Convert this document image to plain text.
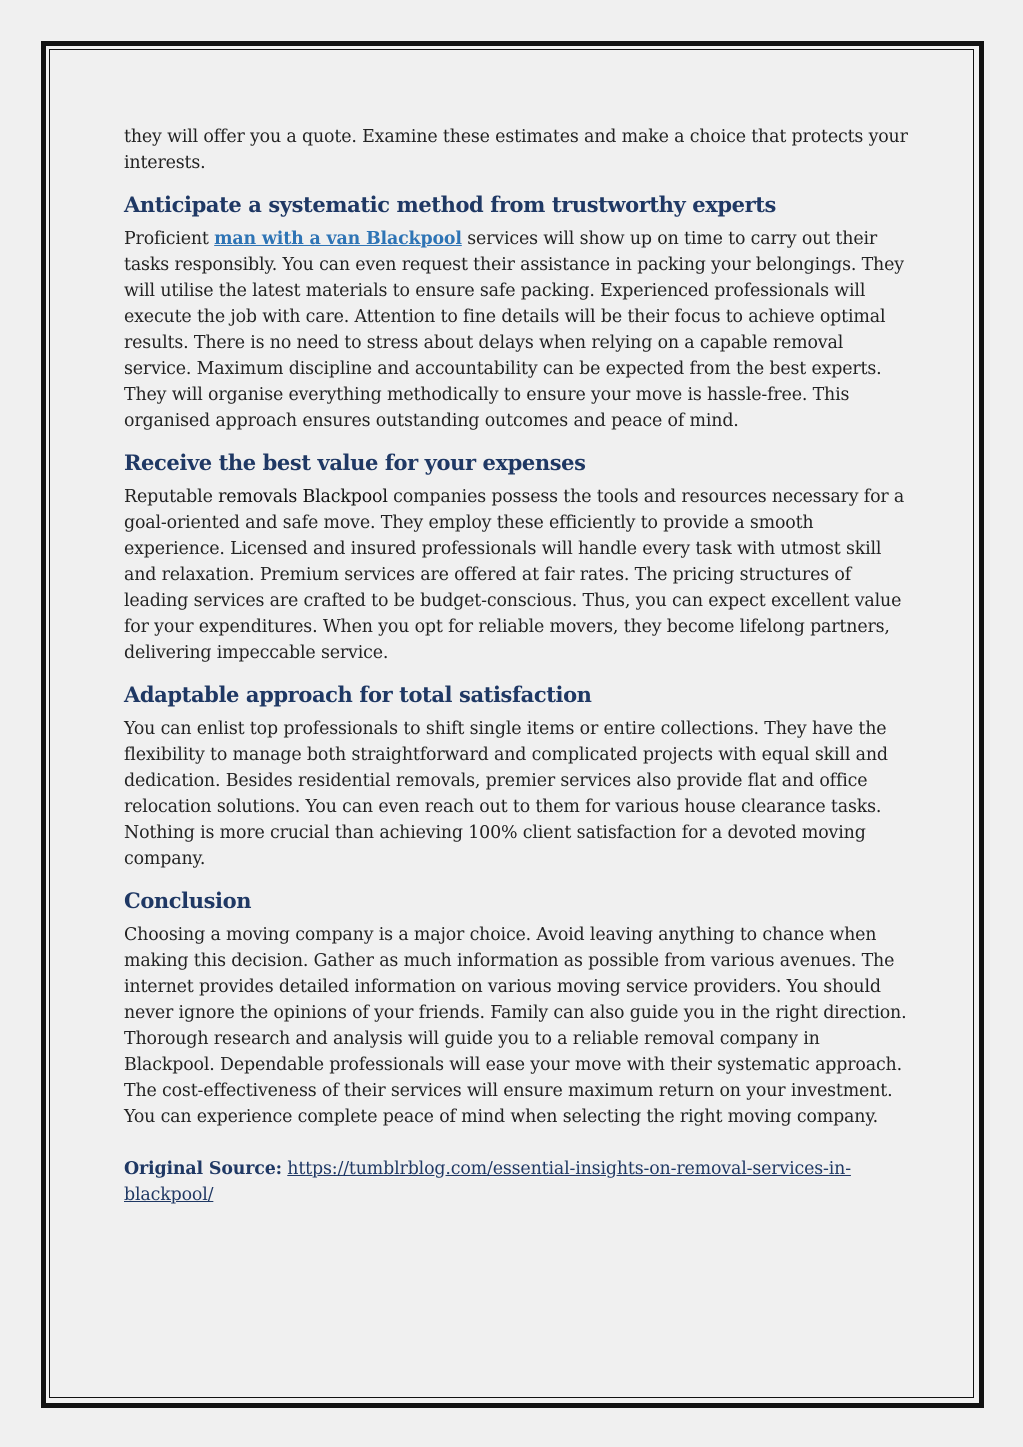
they will offer you a quote. Examine these estimates and make a choice that protects your interests.

Anticipate a systematic method from trustworthy experts

Proficient man with a van Blackpool services will show up on time to carry out their tasks responsibly. You can even request their assistance in packing your belongings. They will utilise the latest materials to ensure safe packing. Experienced professionals will execute the job with care. Attention to fine details will be their focus to achieve optimal results. There is no need to stress about delays when relying on a capable removal service. Maximum discipline and accountability can be expected from the best experts. They will organise everything methodically to ensure your move is hassle-free. This organised approach ensures outstanding outcomes and peace of mind.

Receive the best value for your expenses

Reputable removals Blackpool companies possess the tools and resources necessary for a goal-oriented and safe move. They employ these efficiently to provide a smooth experience. Licensed and insured professionals will handle every task with utmost skill and relaxation. Premium services are offered at fair rates. The pricing structures of leading services are crafted to be budget-conscious. Thus, you can expect excellent value for your expenditures. When you opt for reliable movers, they become lifelong partners, delivering impeccable service.

Adaptable approach for total satisfaction

You can enlist top professionals to shift single items or entire collections. They have the flexibility to manage both straightforward and complicated projects with equal skill and dedication. Besides residential removals, premier services also provide flat and office relocation solutions. You can even reach out to them for various house clearance tasks. Nothing is more crucial than achieving 100% client satisfaction for a devoted moving company.

Conclusion

Choosing a moving company is a major choice. Avoid leaving anything to chance when making this decision. Gather as much information as possible from various avenues. The internet provides detailed information on various moving service providers. You should never ignore the opinions of your friends. Family can also guide you in the right direction. Thorough research and analysis will guide you to a reliable removal company in Blackpool. Dependable professionals will ease your move with their systematic approach. The cost-effectiveness of their services will ensure maximum return on your investment. You can experience complete peace of mind when selecting the right moving company.

Original Source: https://tumblrblog.com/essential-insights-on-removal-services-in-blackpool/
